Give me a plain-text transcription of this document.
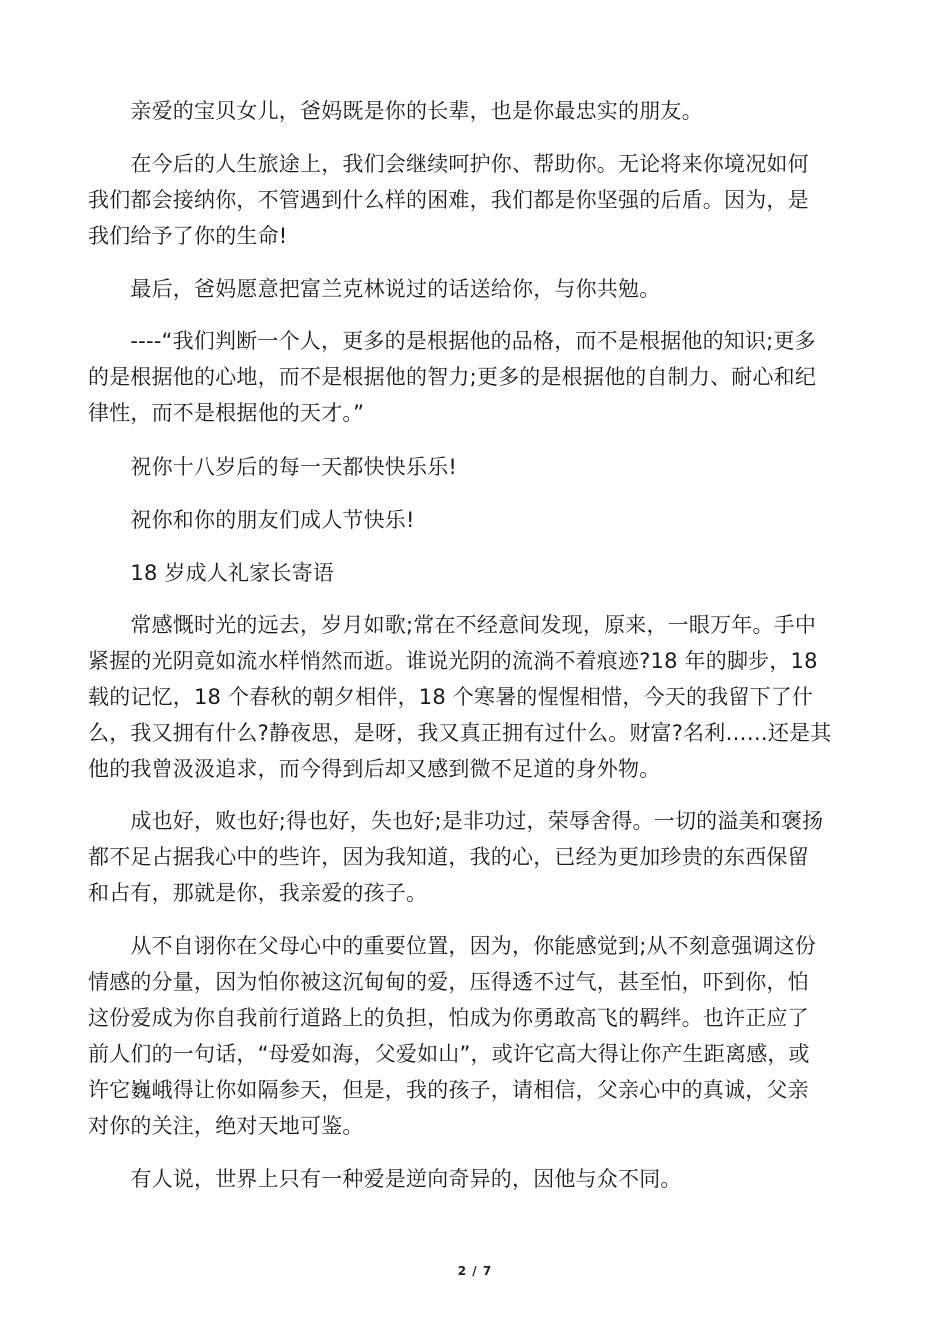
　　亲爱的宝贝女儿，爸妈既是你的长辈，也是你最忠实的朋友。
　　在今后的人生旅途上，我们会继续呵护你、帮助你。无论将来你境况如何
我们都会接纳你，不管遇到什么样的困难，我们都是你坚强的后盾。因为，是
我们给予了你的生命!
　　最后，爸妈愿意把富兰克林说过的话送给你，与你共勉。
　　----“我们判断一个人，更多的是根据他的品格，而不是根据他的知识;更多
的是根据他的心地，而不是根据他的智力;更多的是根据他的自制力、耐心和纪
律性，而不是根据他的天才。”
　　祝你十八岁后的每一天都快快乐乐!
　　祝你和你的朋友们成人节快乐!
　　18 岁成人礼家长寄语
　　常感慨时光的远去，岁月如歌;常在不经意间发现，原来，一眼万年。手中
紧握的光阴竟如流水样悄然而逝。谁说光阴的流淌不着痕迹?18 年的脚步，18
载的记忆，18 个春秋的朝夕相伴，18 个寒暑的惺惺相惜，今天的我留下了什
么，我又拥有什么?静夜思，是呀，我又真正拥有过什么。财富?名利……还是其
他的我曾汲汲追求，而今得到后却又感到微不足道的身外物。
　　成也好，败也好;得也好，失也好;是非功过，荣辱舍得。一切的溢美和褒扬
都不足占据我心中的些许，因为我知道，我的心，已经为更加珍贵的东西保留
和占有，那就是你，我亲爱的孩子。
　　从不自诩你在父母心中的重要位置，因为，你能感觉到;从不刻意强调这份
情感的分量，因为怕你被这沉甸甸的爱，压得透不过气，甚至怕，吓到你，怕
这份爱成为你自我前行道路上的负担，怕成为你勇敢高飞的羁绊。也许正应了
前人们的一句话，“母爱如海，父爱如山”，或许它高大得让你产生距离感，或
许它巍峨得让你如隔参天，但是，我的孩子，请相信，父亲心中的真诚，父亲
对你的关注，绝对天地可鉴。
　　有人说，世界上只有一种爱是逆向奇异的，因他与众不同。
2 / 7
